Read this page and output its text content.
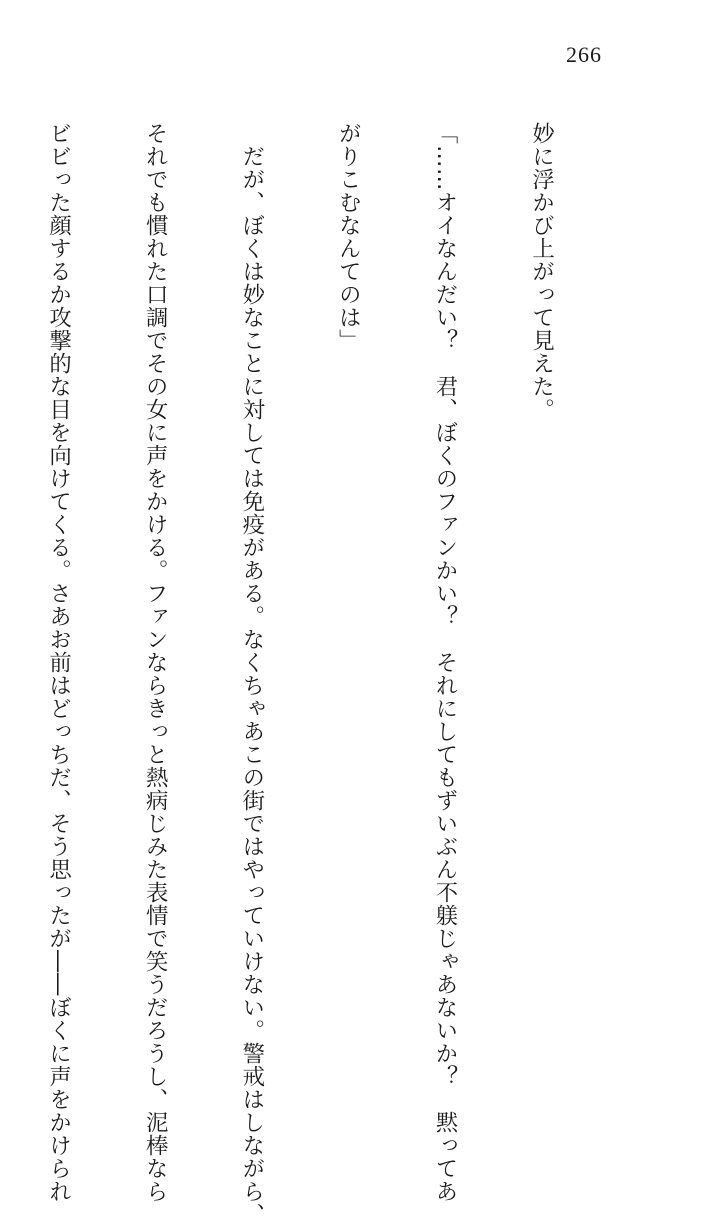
266

妙に浮かび上がって見えた。

「……オイなんだい？　君、ぼくのファンかい？　それにしてもずいぶん不躾じゃあないか？　黙ってあ

がりこむなんてのは」

　だが、ぼくは妙なことに対しては免疫がある。なくちゃあこの街ではやっていけない。警戒はしながら、

それでも慣れた口調でその女に声をかける。ファンならきっと熱病じみた表情で笑うだろうし、泥棒なら

ビビった顔するか攻撃的な目を向けてくる。さあお前はどっちだ、そう思ったが――ぼくに声をかけられ
